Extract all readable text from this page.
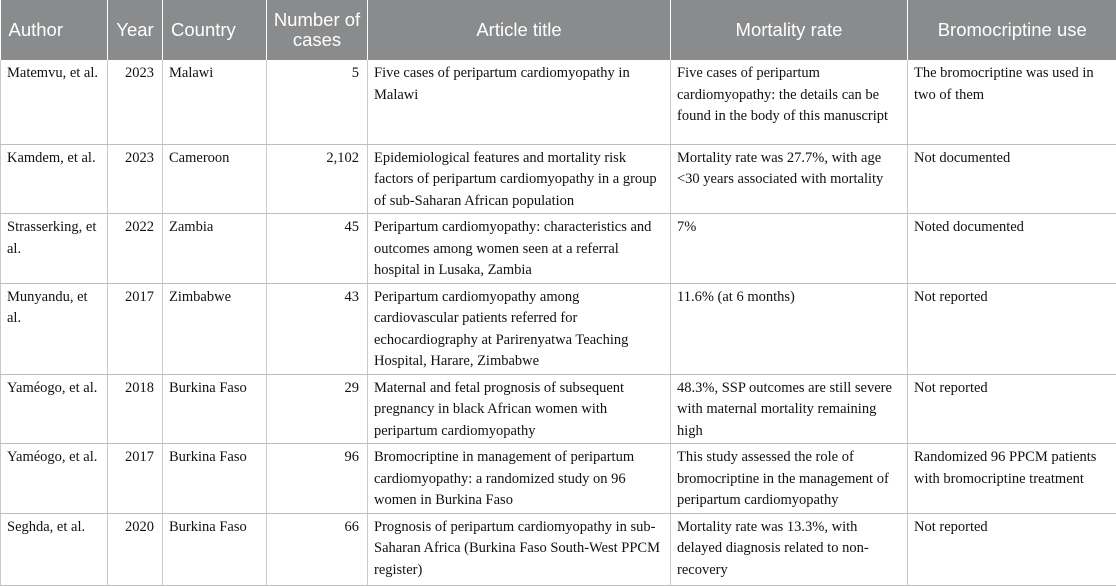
Author	Year	Country	Number of cases	Article title	Mortality rate	Bromocriptine use
Matemvu, et al.	2023	Malawi	5	Five cases of peripartum cardiomyopathy in Malawi	Five cases of peripartum cardiomyopathy: the details can be found in the body of this manuscript	The bromocriptine was used in two of them
Kamdem, et al.	2023	Cameroon	2,102	Epidemiological features and mortality risk factors of peripartum cardiomyopathy in a group of sub-Saharan African population	Mortality rate was 27.7%, with age <30 years associated with mortality	Not documented
Strasserking, et al.	2022	Zambia	45	Peripartum cardiomyopathy: characteristics and outcomes among women seen at a referral hospital in Lusaka, Zambia	7%	Noted documented
Munyandu, et al.	2017	Zimbabwe	43	Peripartum cardiomyopathy among cardiovascular patients referred for echocardiography at Parirenyatwa Teaching Hospital, Harare, Zimbabwe	11.6% (at 6 months)	Not reported
Yaméogo, et al.	2018	Burkina Faso	29	Maternal and fetal prognosis of subsequent pregnancy in black African women with peripartum cardiomyopathy	48.3%, SSP outcomes are still severe with maternal mortality remaining high	Not reported
Yaméogo, et al.	2017	Burkina Faso	96	Bromocriptine in management of peripartum cardiomyopathy: a randomized study on 96 women in Burkina Faso	This study assessed the role of bromocriptine in the management of peripartum cardiomyopathy	Randomized 96 PPCM patients with bromocriptine treatment
Seghda, et al.	2020	Burkina Faso	66	Prognosis of peripartum cardiomyopathy in sub-Saharan Africa (Burkina Faso South-West PPCM register)	Mortality rate was 13.3%, with delayed diagnosis related to non-recovery	Not reported
